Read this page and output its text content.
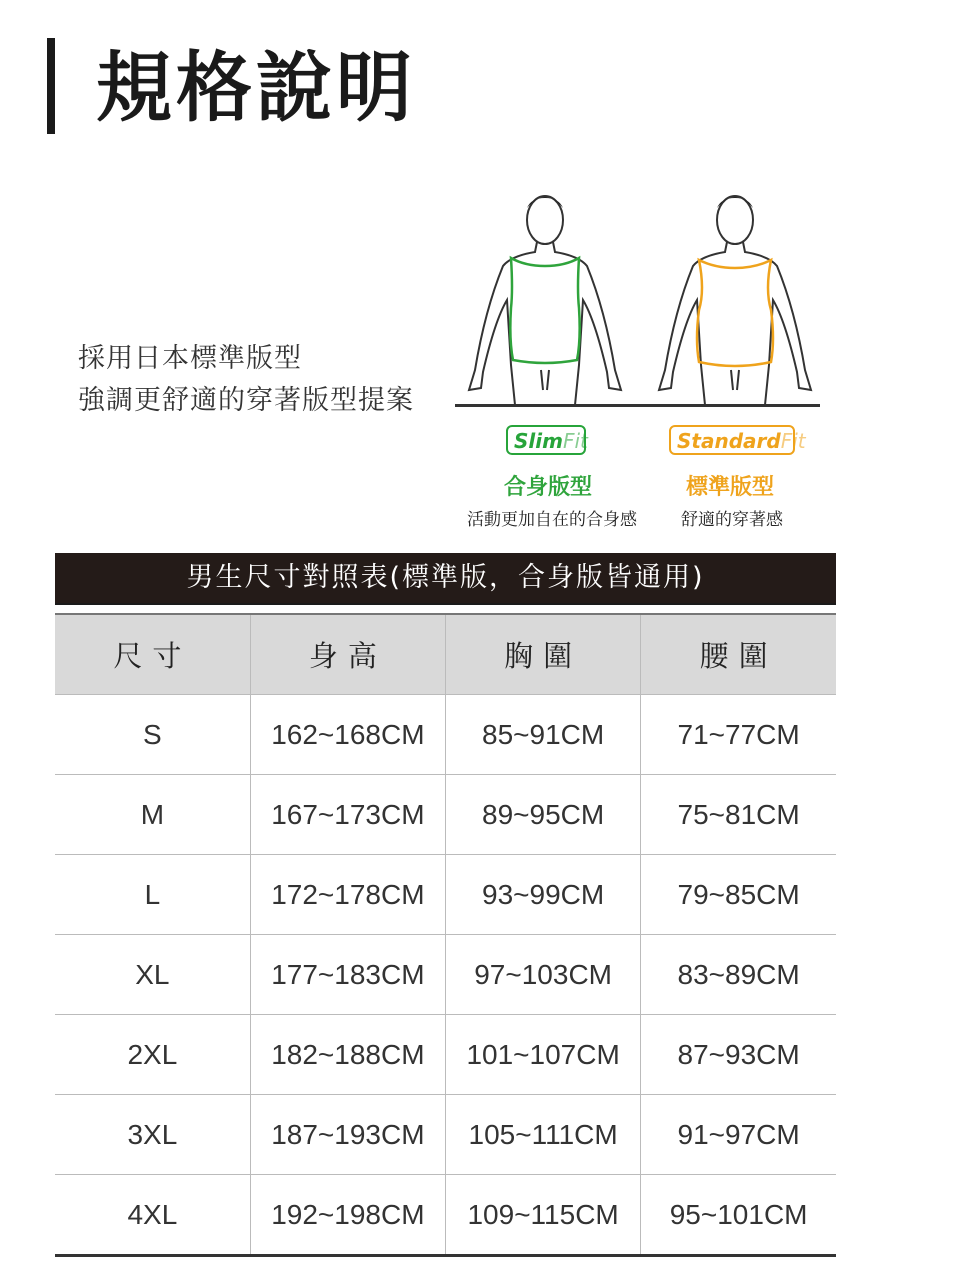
規格說明
採用日本標準版型
強調更舒適的穿著版型提案
SlimFit	StandardFit
合身版型	標準版型
活動更加自在的合身感	舒適的穿著感
男生尺寸對照表(標準版，合身版皆通用)
尺寸	身高	胸圍	腰圍
S	162~168CM	85~91CM	71~77CM
M	167~173CM	89~95CM	75~81CM
L	172~178CM	93~99CM	79~85CM
XL	177~183CM	97~103CM	83~89CM
2XL	182~188CM	101~107CM	87~93CM
3XL	187~193CM	105~111CM	91~97CM
4XL	192~198CM	109~115CM	95~101CM
